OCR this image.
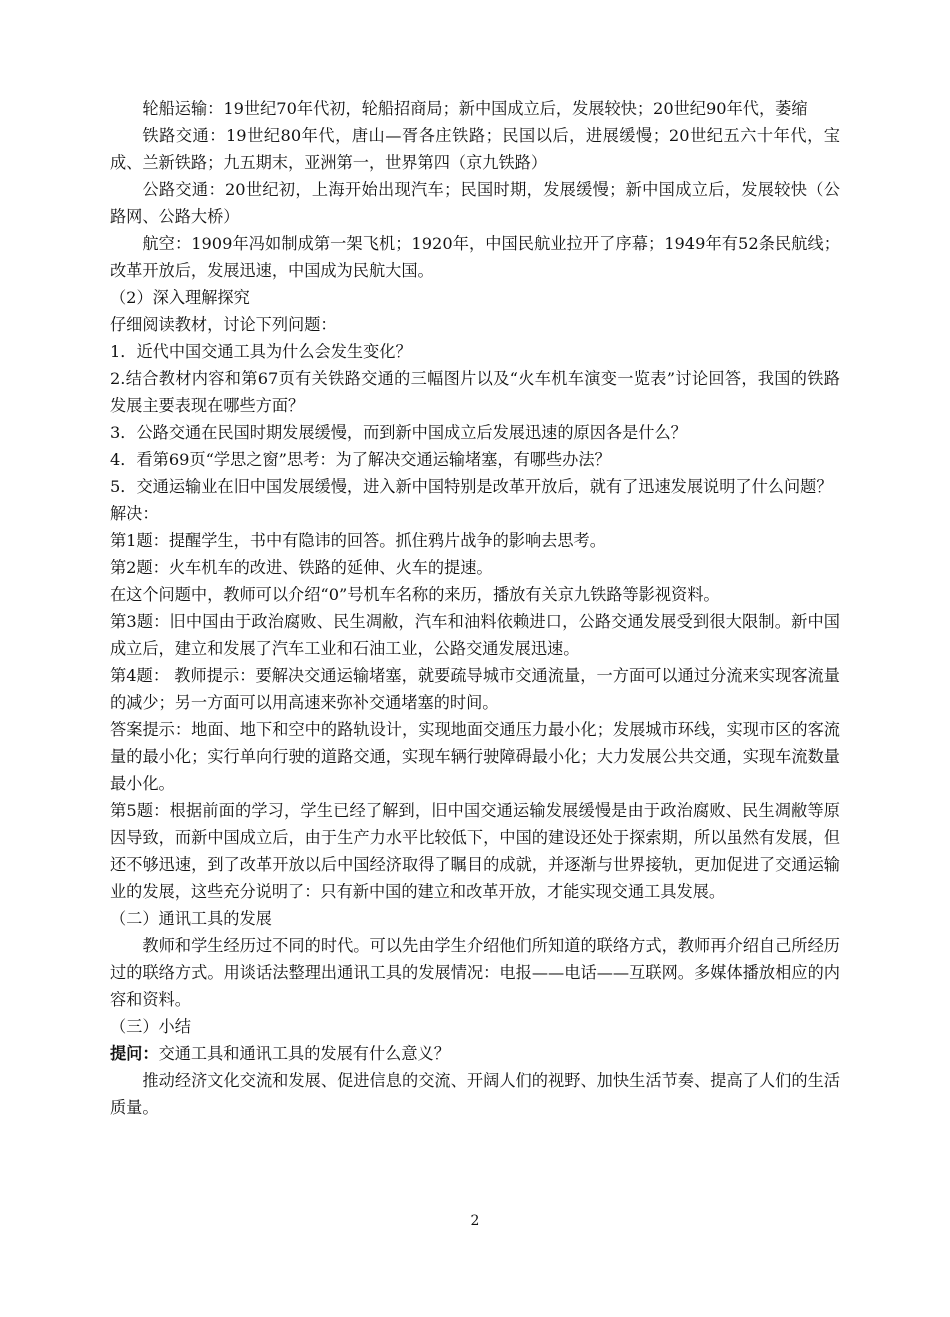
轮船运输：19世纪70年代初，轮船招商局；新中国成立后，发展较快；20世纪90年代，萎缩

铁路交通：19世纪80年代，唐山—胥各庄铁路；民国以后，进展缓慢；20世纪五六十年代，宝成、兰新铁路；九五期末，亚洲第一，世界第四（京九铁路）

公路交通：20世纪初，上海开始出现汽车；民国时期，发展缓慢；新中国成立后，发展较快（公路网、公路大桥）

航空：1909年冯如制成第一架飞机；1920年，中国民航业拉开了序幕；1949年有52条民航线；改革开放后，发展迅速，中国成为民航大国。

（2）深入理解探究

仔细阅读教材，讨论下列问题：

1．近代中国交通工具为什么会发生变化？

2.结合教材内容和第67页有关铁路交通的三幅图片以及“火车机车演变一览表”讨论回答，我国的铁路发展主要表现在哪些方面？

3．公路交通在民国时期发展缓慢，而到新中国成立后发展迅速的原因各是什么？

4．看第69页“学思之窗”思考：为了解决交通运输堵塞，有哪些办法？

5．交通运输业在旧中国发展缓慢，进入新中国特别是改革开放后，就有了迅速发展说明了什么问题？

解决：

第1题：提醒学生，书中有隐讳的回答。抓住鸦片战争的影响去思考。

第2题：火车机车的改进、铁路的延伸、火车的提速。

在这个问题中，教师可以介绍“0”号机车名称的来历，播放有关京九铁路等影视资料。

第3题：旧中国由于政治腐败、民生凋敝，汽车和油料依赖进口，公路交通发展受到很大限制。新中国成立后，建立和发展了汽车工业和石油工业，公路交通发展迅速。

第4题： 教师提示：要解决交通运输堵塞，就要疏导城市交通流量，一方面可以通过分流来实现客流量的减少；另一方面可以用高速来弥补交通堵塞的时间。

答案提示：地面、地下和空中的路轨设计，实现地面交通压力最小化；发展城市环线，实现市区的客流量的最小化；实行单向行驶的道路交通，实现车辆行驶障碍最小化；大力发展公共交通，实现车流数量最小化。

第5题：根据前面的学习，学生已经了解到，旧中国交通运输发展缓慢是由于政治腐败、民生凋敝等原因导致，而新中国成立后，由于生产力水平比较低下，中国的建设还处于探索期，所以虽然有发展，但还不够迅速，到了改革开放以后中国经济取得了瞩目的成就，并逐渐与世界接轨，更加促进了交通运输业的发展，这些充分说明了：只有新中国的建立和改革开放，才能实现交通工具发展。

（二）通讯工具的发展

教师和学生经历过不同的时代。可以先由学生介绍他们所知道的联络方式，教师再介绍自己所经历过的联络方式。用谈话法整理出通讯工具的发展情况：电报——电话——互联网。多媒体播放相应的内容和资料。

（三）小结

提问：交通工具和通讯工具的发展有什么意义？

推动经济文化交流和发展、促进信息的交流、开阔人们的视野、加快生活节奏、提高了人们的生活质量。

2
